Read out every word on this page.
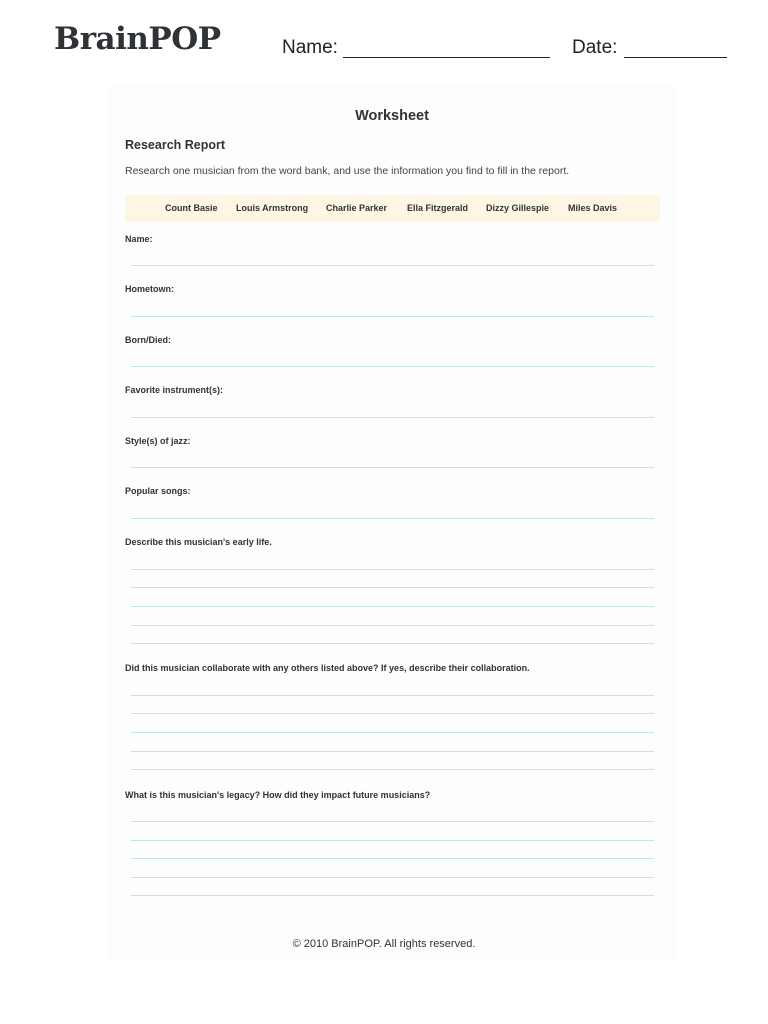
BrainPOP	Name:	Date:
Worksheet
Research Report

Research one musician from the word bank, and use the information you find to fill in the report.

Count Basie Louis Armstrong Charlie Parker Ella Fitzgerald Dizzy Gillespie Miles Davis
Name:
Hometown:
Born/Died:
Favorite instrument(s):
Style(s) of jazz:
Popular songs:
Describe this musician's early life.
Did this musician collaborate with any others listed above? If yes, describe their collaboration.
What is this musician's legacy? How did they impact future musicians?
© 2010 BrainPOP. All rights reserved.
